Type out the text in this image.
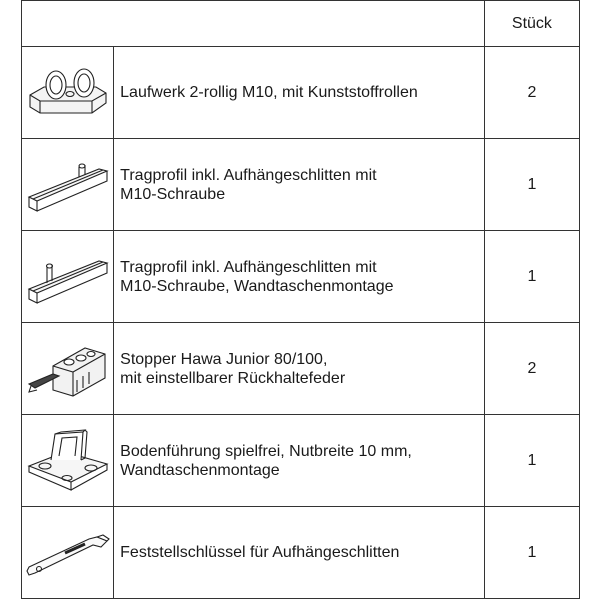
		Stück

Laufwerk 2-rollig M10, mit Kunststoffrollen	2

Tragprofil inkl. Aufhängeschlitten mit
M10-Schraube	1

Tragprofil inkl. Aufhängeschlitten mit
M10-Schraube, Wandtaschenmontage	1

Stopper Hawa Junior 80/100,
mit einstellbarer Rückhaltefeder	2

Bodenführung spielfrei, Nutbreite 10 mm,
Wandtaschenmontage	1

Feststellschlüssel für Aufhängeschlitten	1
